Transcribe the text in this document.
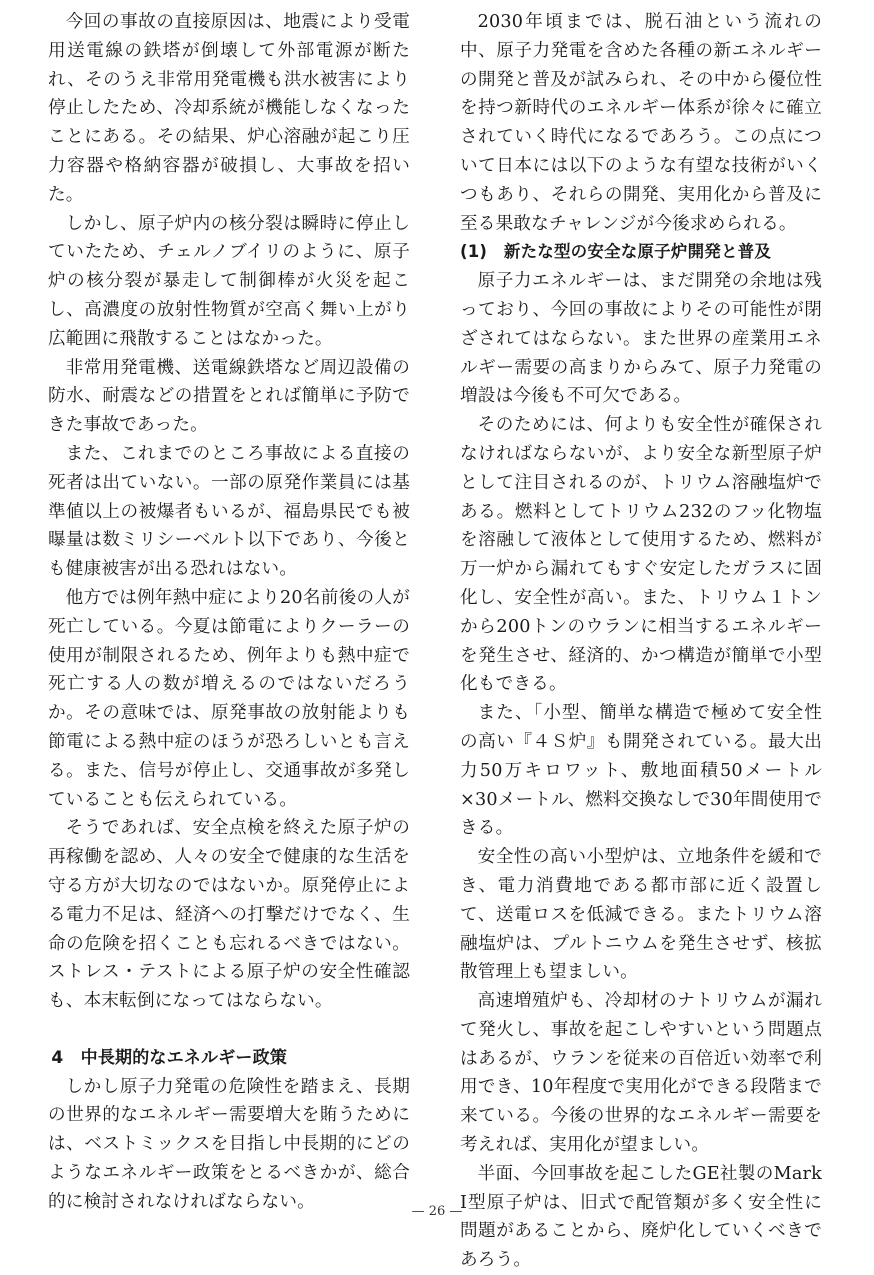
今回の事故の直接原因は、地震により受電用送電線の鉄塔が倒壊して外部電源が断たれ、そのうえ非常用発電機も洪水被害により停止したため、冷却系統が機能しなくなったことにある。その結果、炉心溶融が起こり圧力容器や格納容器が破損し、大事故を招いた。

しかし、原子炉内の核分裂は瞬時に停止していたため、チェルノブイリのように、原子炉の核分裂が暴走して制御棒が火災を起こし、高濃度の放射性物質が空高く舞い上がり広範囲に飛散することはなかった。

非常用発電機、送電線鉄塔など周辺設備の防水、耐震などの措置をとれば簡単に予防できた事故であった。

また、これまでのところ事故による直接の死者は出ていない。一部の原発作業員には基準値以上の被爆者もいるが、福島県民でも被曝量は数ミリシーベルト以下であり、今後とも健康被害が出る恐れはない。

他方では例年熱中症により20名前後の人が死亡している。今夏は節電によりクーラーの使用が制限されるため、例年よりも熱中症で死亡する人の数が増えるのではないだろうか。その意味では、原発事故の放射能よりも節電による熱中症のほうが恐ろしいとも言える。また、信号が停止し、交通事故が多発していることも伝えられている。

そうであれば、安全点検を終えた原子炉の再稼働を認め、人々の安全で健康的な生活を守る方が大切なのではないか。原発停止による電力不足は、経済への打撃だけでなく、生命の危険を招くことも忘れるべきではない。ストレス・テストによる原子炉の安全性確認も、本末転倒になってはならない。

4　中長期的なエネルギー政策

しかし原子力発電の危険性を踏まえ、長期の世界的なエネルギー需要増大を賄うためには、ベストミックスを目指し中長期的にどのようなエネルギー政策をとるべきかが、総合的に検討されなければならない。

2030年頃までは、脱石油という流れの中、原子力発電を含めた各種の新エネルギーの開発と普及が試みられ、その中から優位性を持つ新時代のエネルギー体系が徐々に確立されていく時代になるであろう。この点について日本には以下のような有望な技術がいくつもあり、それらの開発、実用化から普及に至る果敢なチャレンジが今後求められる。

(1)　新たな型の安全な原子炉開発と普及

原子力エネルギーは、まだ開発の余地は残っており、今回の事故によりその可能性が閉ざされてはならない。また世界の産業用エネルギー需要の高まりからみて、原子力発電の増設は今後も不可欠である。

そのためには、何よりも安全性が確保されなければならないが、より安全な新型原子炉として注目されるのが、トリウム溶融塩炉である。燃料としてトリウム232のフッ化物塩を溶融して液体として使用するため、燃料が万一炉から漏れてもすぐ安定したガラスに固化し、安全性が高い。また、トリウム１トンから200トンのウランに相当するエネルギーを発生させ、経済的、かつ構造が簡単で小型化もできる。

また、「小型、簡単な構造で極めて安全性の高い『４Ｓ炉』も開発されている。最大出力50万キロワット、敷地面積50メートル×30メートル、燃料交換なしで30年間使用できる。

安全性の高い小型炉は、立地条件を緩和でき、電力消費地である都市部に近く設置して、送電ロスを低減できる。またトリウム溶融塩炉は、プルトニウムを発生させず、核拡散管理上も望ましい。

高速増殖炉も、冷却材のナトリウムが漏れて発火し、事故を起こしやすいという問題点はあるが、ウランを従来の百倍近い効率で利用でき、10年程度で実用化ができる段階まで来ている。今後の世界的なエネルギー需要を考えれば、実用化が望ましい。

半面、今回事故を起こしたGE社製のMark I型原子炉は、旧式で配管類が多く安全性に問題があることから、廃炉化していくべきであろう。

— 26 —
